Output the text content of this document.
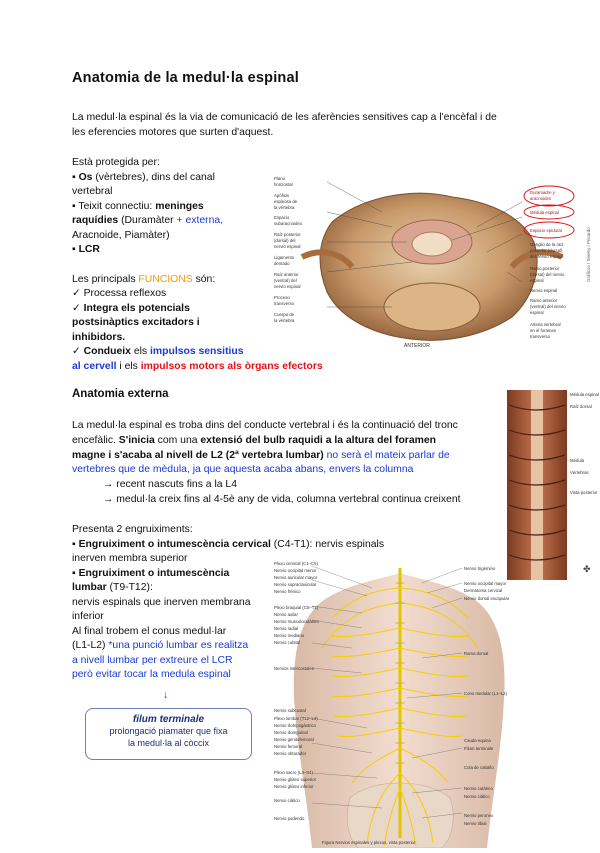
Anatomia de la medul·la espinal
La medul·la espinal és la via de comunicació de les aferències sensitives cap a l'encèfal i de
les eferencies motores que surten d'aquest.
Està protegida per:
▪ Os (vèrtebres), dins del canal
vertebral
▪ Teixit connectiu: meninges
raquídies (Duramàter + externa,
Aracnoide, Piamàter)
▪ LCR
Les principals FUNCIONS són:
✓ Processa reflexos
✓ Integra els potencials
postsinàptics excitadors i
inhibidors.
✓ Condueix els impulsos sensitius
al cervell i els impulsos motors als òrgans efectors
Plano
horizontal
Apófisis
espinosa de
la vértebra
Espacio
subaracnoideo
Raíz posterior
(dorsal) del
nervio espinal
Ligamento
dentado
Raíz anterior
(ventral) del
nervio espinal
Proceso
transverso
Cuerpo de
la vértebra
Duramadre y
aracnoides
Médula espinal
Espacio epidural
Ganglio de la raíz
posterior (dorsal)
del nervio espinal
Ramo posterior
(dorsal) del nervio
espinal
Nervio espinal
Ramo anterior
(ventral) del nervio
espinal
Arteria vertebral
en el foramen
transverso
ANTERIOR
Gráficos / Seeley / Pricardo
Anatomia externa
La medul·la espinal es troba dins del conducte vertebral i és la continuació del tronc
encefàlic. S'inicia com una extensió del bulb raquidi a la altura del foramen
magne i s'acaba al nivell de L2 (2ª vertebra lumbar) no serà el mateix parlar de
vertebres que de mèdula, ja que aquesta acaba abans, envers la columna
→ recent nascuts fins a la L4
→ medul·la creix fins al 4-5è any de vida, columna vertebral continua creixent
✤
Médula espinal
Raíz dorsal
Médula
Vértebras
Vista posterior
Presenta 2 engruiximents:
▪ Engruiximent o intumescència cervical (C4-T1): nervis espinals
inerven membra superior
▪ Engruiximent o intumescència
lumbar (T9-T12):
nervis espinals que inerven membrana
inferior
Al final trobem el conus medul·lar
(L1-L2) *una punció lumbar es realitza
a nivell lumbar per extreure el LCR
però evitar tocar la medula espinal
↓
filum terminale
prolongació piamater que fixa
la medul·la al còccix
Plexo cervical (C1–C5)
Nervio occipital menor
Nervio auricular mayor
Nervio supraclavicular
Nervio frénico
Plexo braquial (C5–T1)
Nervio axilar
Nervio musculocutáneo
Nervio radial
Nervio mediano
Nervio cubital
Nervios intercostales
Nervio subcostal
Plexo lumbar (T12–L4)
Nervio iliohipogástrico
Nervio ilioinguinal
Nervio genitofemoral
Nervio femoral
Nervio obturador
Plexo sacro (L4–S4)
Nervio glúteo superior
Nervio glúteo inferior
Nervio ciático
Nervio pudendo
Nervio trigémino
Nervio occipital mayor
Dermatoma cervical
Nervio dorsal escapular
Rama dorsal
Cono medular (L1–L2)
Cauda equina
Filum terminale
Cola de caballo
Nervio cutáneo
Nervio ciático
Nervio peroneo
Nervio tibial
Figura Nervios espinales y plexos, vista posterior
